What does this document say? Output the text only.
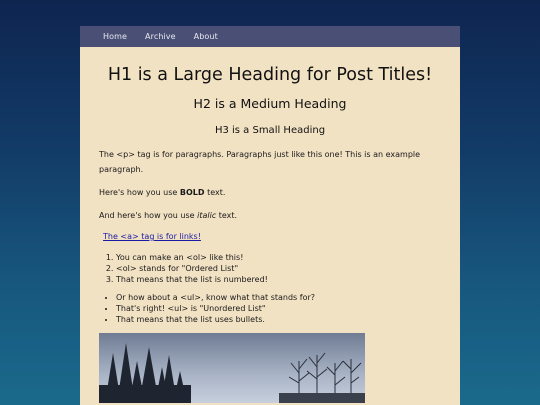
Home Archive About
H1 is a Large Heading for Post Titles!
H2 is a Medium Heading
H3 is a Small Heading

The <p> tag is for paragraphs. Paragraphs just like this one! This is an example paragraph.

Here's how you use BOLD text.

And here's how you use italic text.

The <a> tag is for links!
1. You can make an <ol> like this!
2. <ol> stands for "Ordered List"
3. That means that the list is numbered!
• Or how about a <ul>, know what that stands for?
• That's right! <ul> is "Unordered List"
• That means that the list uses bullets.
